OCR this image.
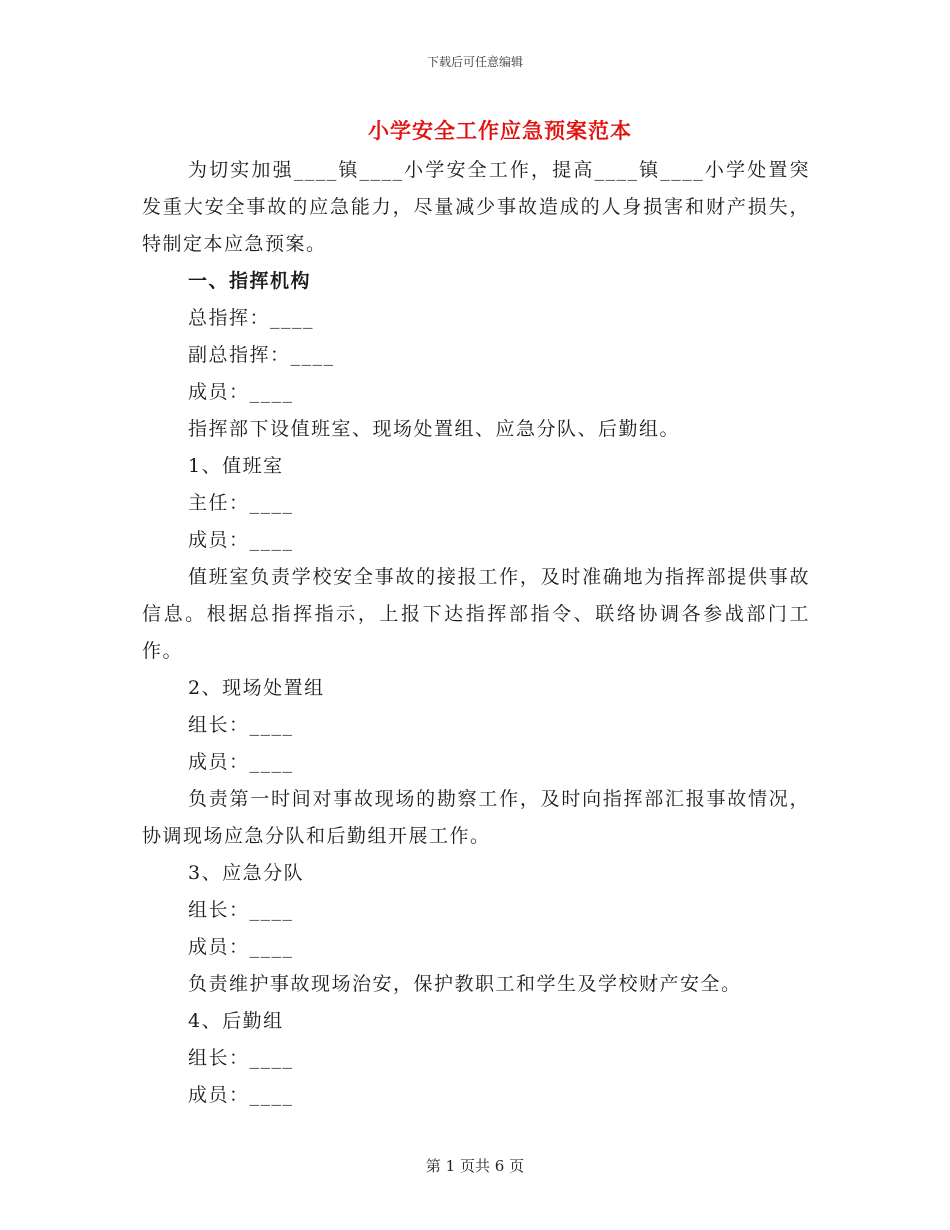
下载后可任意编辑
小学安全工作应急预案范本

为切实加强____镇____小学安全工作，提高____镇____小学处置突发重大安全事故的应急能力，尽量减少事故造成的人身损害和财产损失，特制定本应急预案。

一、指挥机构

总指挥：____

副总指挥：____

成员：____

指挥部下设值班室、现场处置组、应急分队、后勤组。

1、值班室

主任：____

成员：____

值班室负责学校安全事故的接报工作，及时准确地为指挥部提供事故信息。根据总指挥指示，上报下达指挥部指令、联络协调各参战部门工作。

2、现场处置组

组长：____

成员：____

负责第一时间对事故现场的勘察工作，及时向指挥部汇报事故情况，协调现场应急分队和后勤组开展工作。

3、应急分队

组长：____

成员：____

负责维护事故现场治安，保护教职工和学生及学校财产安全。

4、后勤组

组长：____

成员：____

第 1 页共 6 页
